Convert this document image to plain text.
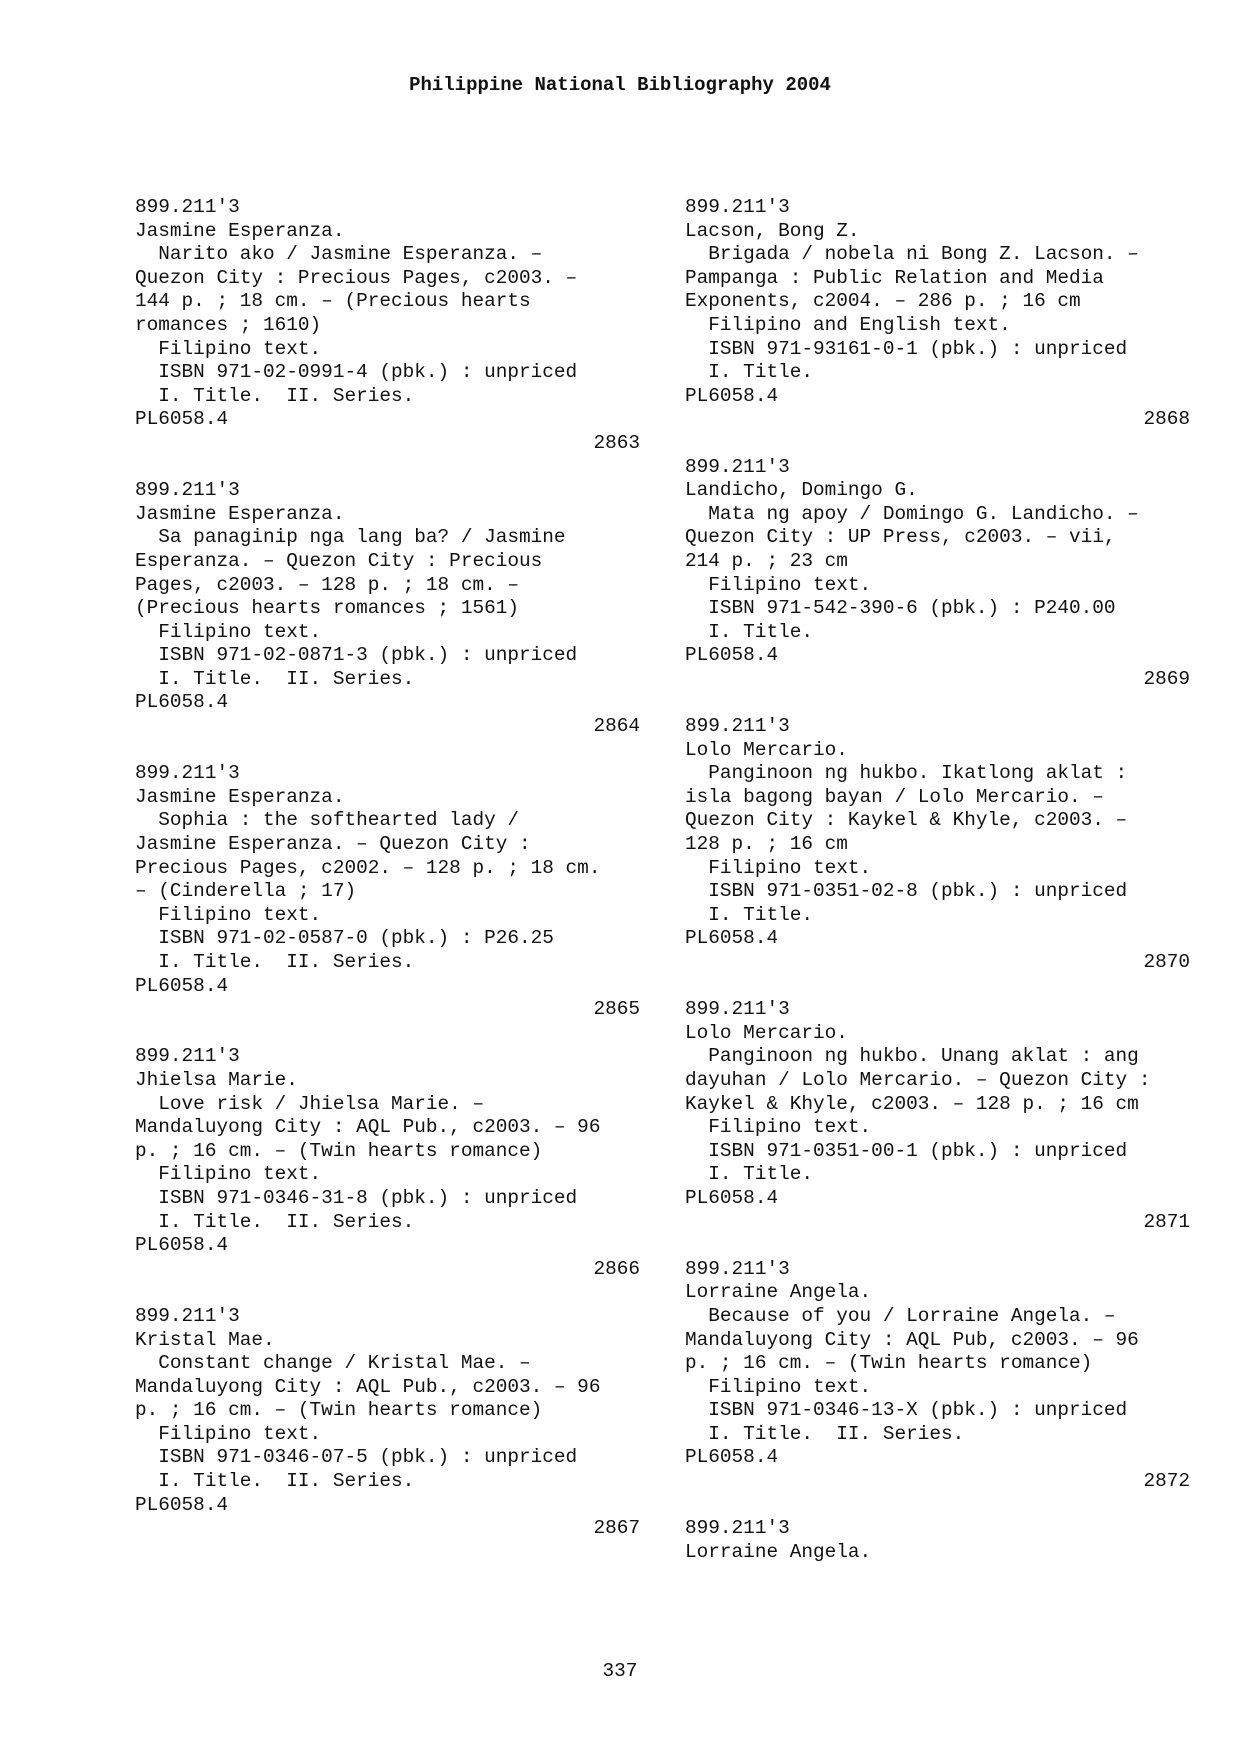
Philippine National Bibliography 2004
899.211'3
Jasmine Esperanza.
Narito ako / Jasmine Esperanza. –
Quezon City : Precious Pages, c2003. –
144 p. ; 18 cm. – (Precious hearts
romances ; 1610)
Filipino text.
ISBN 971-02-0991-4 (pbk.) : unpriced
I. Title.  II. Series.
PL6058.4
2863
899.211'3
Jasmine Esperanza.
Sa panaginip nga lang ba? / Jasmine
Esperanza. – Quezon City : Precious
Pages, c2003. – 128 p. ; 18 cm. –
(Precious hearts romances ; 1561)
Filipino text.
ISBN 971-02-0871-3 (pbk.) : unpriced
I. Title.  II. Series.
PL6058.4
2864
899.211'3
Jasmine Esperanza.
Sophia : the softhearted lady /
Jasmine Esperanza. – Quezon City :
Precious Pages, c2002. – 128 p. ; 18 cm.
– (Cinderella ; 17)
Filipino text.
ISBN 971-02-0587-0 (pbk.) : P26.25
I. Title.  II. Series.
PL6058.4
2865
899.211'3
Jhielsa Marie.
Love risk / Jhielsa Marie. –
Mandaluyong City : AQL Pub., c2003. – 96
p. ; 16 cm. – (Twin hearts romance)
Filipino text.
ISBN 971-0346-31-8 (pbk.) : unpriced
I. Title.  II. Series.
PL6058.4
2866
899.211'3
Kristal Mae.
Constant change / Kristal Mae. –
Mandaluyong City : AQL Pub., c2003. – 96
p. ; 16 cm. – (Twin hearts romance)
Filipino text.
ISBN 971-0346-07-5 (pbk.) : unpriced
I. Title.  II. Series.
PL6058.4
2867
899.211'3
Lacson, Bong Z.
Brigada / nobela ni Bong Z. Lacson. –
Pampanga : Public Relation and Media
Exponents, c2004. – 286 p. ; 16 cm
Filipino and English text.
ISBN 971-93161-0-1 (pbk.) : unpriced
I. Title.
PL6058.4
2868
899.211'3
Landicho, Domingo G.
Mata ng apoy / Domingo G. Landicho. –
Quezon City : UP Press, c2003. – vii,
214 p. ; 23 cm
Filipino text.
ISBN 971-542-390-6 (pbk.) : P240.00
I. Title.
PL6058.4
2869
899.211'3
Lolo Mercario.
Panginoon ng hukbo. Ikatlong aklat :
isla bagong bayan / Lolo Mercario. –
Quezon City : Kaykel & Khyle, c2003. –
128 p. ; 16 cm
Filipino text.
ISBN 971-0351-02-8 (pbk.) : unpriced
I. Title.
PL6058.4
2870
899.211'3
Lolo Mercario.
Panginoon ng hukbo. Unang aklat : ang
dayuhan / Lolo Mercario. – Quezon City :
Kaykel & Khyle, c2003. – 128 p. ; 16 cm
Filipino text.
ISBN 971-0351-00-1 (pbk.) : unpriced
I. Title.
PL6058.4
2871
899.211'3
Lorraine Angela.
Because of you / Lorraine Angela. –
Mandaluyong City : AQL Pub, c2003. – 96
p. ; 16 cm. – (Twin hearts romance)
Filipino text.
ISBN 971-0346-13-X (pbk.) : unpriced
I. Title.  II. Series.
PL6058.4
2872
899.211'3
Lorraine Angela.
337
